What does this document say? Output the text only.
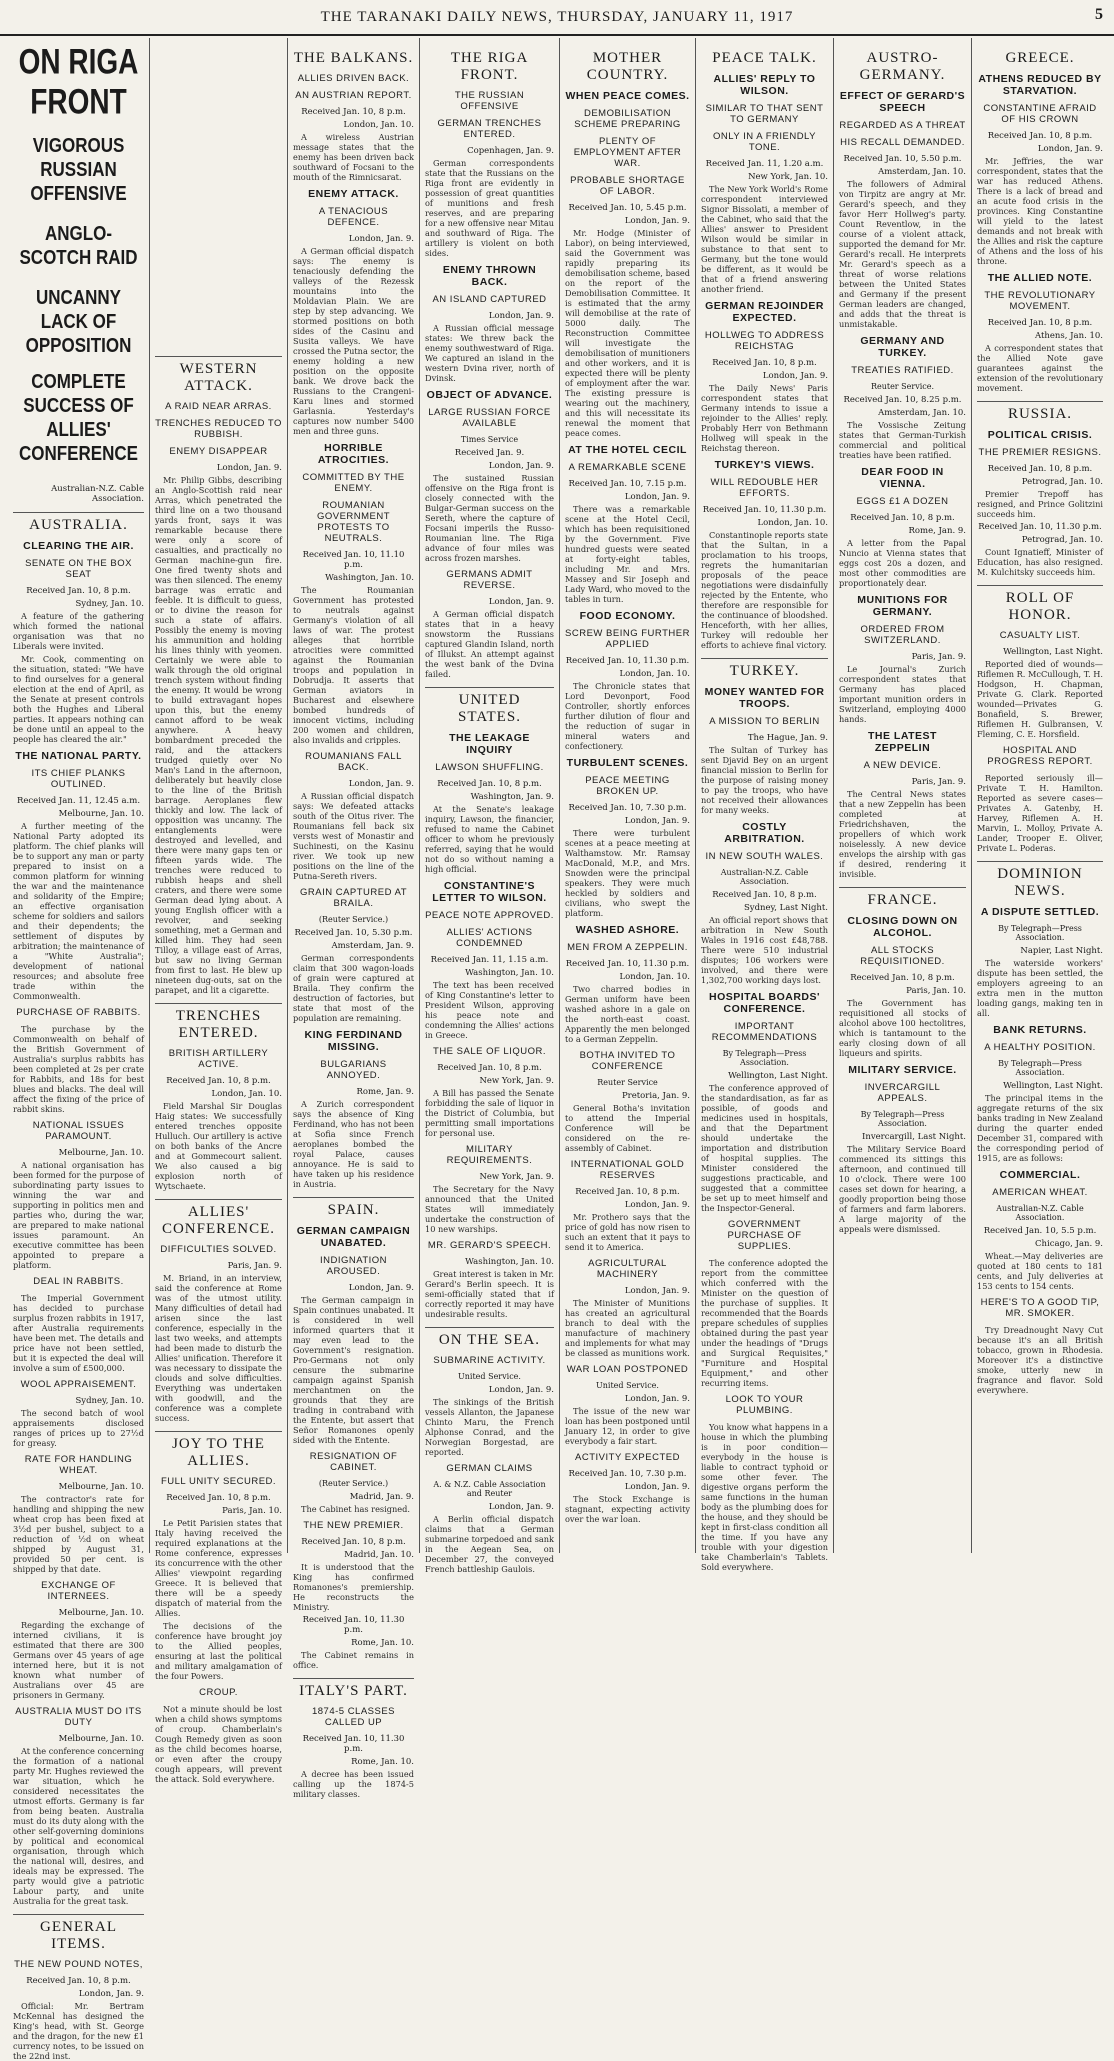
THE TARANAKI DAILY NEWS, THURSDAY, JANUARY 11, 1917	5
ON RIGA FRONT
VIGOROUS RUSSIAN OFFENSIVE
ANGLO-SCOTCH RAID
UNCANNY LACK OF OPPOSITION
COMPLETE SUCCESS OF ALLIES' CONFERENCE
Australian-N.Z. Cable Association.
AUSTRALIA.
CLEARING THE AIR.
SENATE ON THE BOX SEAT
Received Jan. 10, 8 p.m.
Sydney, Jan. 10.

A feature of the gathering which formed the national organisation was that no Liberals were invited.

Mr. Cook, commenting on the situation, stated: "We have to find ourselves for a general election at the end of April, as the Senate at present controls both the Hughes and Liberal parties. It appears nothing can be done until an appeal to the people has cleared the air."

THE NATIONAL PARTY.
ITS CHIEF PLANKS OUTLINED.
Received Jan. 11, 12.45 a.m.
Melbourne, Jan. 10.

A further meeting of the National Party adopted its platform. The chief planks will be to support any man or party prepared to insist on a common platform for winning the war and the maintenance and solidarity of the Empire; an effective organisation scheme for soldiers and sailors and their dependents; the settlement of disputes by arbitration; the maintenance of a "White Australia"; development of national resources; and absolute free trade within the Commonwealth.

PURCHASE OF RABBITS.

The purchase by the Commonwealth on behalf of the British Government of Australia's surplus rabbits has been completed at 2s per crate for Rabbits, and 18s for best blues and blacks. The deal will affect the fixing of the price of rabbit skins.

NATIONAL ISSUES PARAMOUNT.
Melbourne, Jan. 10.

A national organisation has been formed for the purpose of subordinating party issues to winning the war and supporting in politics men and parties who, during the war, are prepared to make national issues paramount. An executive committee has been appointed to prepare a platform.

DEAL IN RABBITS.

The Imperial Government has decided to purchase surplus frozen rabbits in 1917, after Australia requirements have been met. The details and price have not been settled, but it is expected the deal will involve a sum of £500,000.

WOOL APPRAISEMENT.
Sydney, Jan. 10.

The second batch of wool appraisements disclosed ranges of prices up to 27½d for greasy.

RATE FOR HANDLING WHEAT.
Melbourne, Jan. 10.

The contractor's rate for handling and shipping the new wheat crop has been fixed at 3½d per bushel, subject to a reduction of ½d on wheat shipped by August 31, provided 50 per cent. is shipped by that date.

EXCHANGE OF INTERNEES.
Melbourne, Jan. 10.

Regarding the exchange of interned civilians, it is estimated that there are 300 Germans over 45 years of age interned here, but it is not known what number of Australians over 45 are prisoners in Germany.

AUSTRALIA MUST DO ITS DUTY
Melbourne, Jan. 10.

At the conference concerning the formation of a national party Mr. Hughes reviewed the war situation, which he considered necessitates the utmost efforts. Germany is far from being beaten. Australia must do its duty along with the other self-governing dominions by political and economical organisation, through which the national will, desires, and ideals may be expressed. The party would give a patriotic Labour party, and unite Australia for the great task.

GENERAL ITEMS.
THE NEW POUND NOTES,
Received Jan. 10, 8 p.m.
London, Jan. 9.

Official: Mr. Bertram McKennal has designed the King's head, with St. George and the dragon, for the new £1 currency notes, to be issued on the 22nd inst.

WESTERN ATTACK.
A RAID NEAR ARRAS.
TRENCHES REDUCED TO RUBBISH.
ENEMY DISAPPEAR
London, Jan. 9.

Mr. Philip Gibbs, describing an Anglo-Scottish raid near Arras, which penetrated the third line on a two thousand yards front, says it was remarkable because there were only a score of casualties, and practically no German machine-gun fire. One fired twenty shots and was then silenced. The enemy barrage was erratic and feeble. It is difficult to guess, or to divine the reason for such a state of affairs. Possibly the enemy is moving his ammunition and holding his lines thinly with yeomen. Certainly we were able to walk through the old original trench system without finding the enemy. It would be wrong to build extravagant hopes upon this, but the enemy cannot afford to be weak anywhere. A heavy bombardment preceded the raid, and the attackers trudged quietly over No Man's Land in the afternoon, deliberately but heavily close to the line of the British barrage. Aeroplanes flew thickly and low. The lack of opposition was uncanny. The entanglements were destroyed and levelled, and there were many gaps ten or fifteen yards wide. The trenches were reduced to rubbish heaps and shell craters, and there were some German dead lying about. A young English officer with a revolver, and seeking something, met a German and killed him. They had seen Tilloy, a village east of Arras, but saw no living German from first to last. He blew up nineteen dug-outs, sat on the parapet, and lit a cigarette.

TRENCHES ENTERED.
BRITISH ARTILLERY ACTIVE.
Received Jan. 10, 8 p.m.
London, Jan. 10.

Field Marshal Sir Douglas Haig states: We successfully entered trenches opposite Hulluch. Our artillery is active on both banks of the Ancre and at Gommecourt salient. We also caused a big explosion north of Wytschaete.

ALLIES' CONFERENCE.
DIFFICULTIES SOLVED.
Paris, Jan. 9.

M. Briand, in an interview, said the conference at Rome was of the utmost utility. Many difficulties of detail had arisen since the last conference, especially in the last two weeks, and attempts had been made to disturb the Allies' unification. Therefore it was necessary to dissipate the clouds and solve difficulties. Everything was undertaken with goodwill, and the conference was a complete success.

JOY TO THE ALLIES.
FULL UNITY SECURED.
Received Jan. 10, 8 p.m.
Paris, Jan. 10.

Le Petit Parisien states that Italy having received the required explanations at the Rome conference, expresses its concurrence with the other Allies' viewpoint regarding Greece. It is believed that there will be a speedy dispatch of material from the Allies.

The decisions of the conference have brought joy to the Allied peoples, ensuring at last the political and military amalgamation of the four Powers.

CROUP.

Not a minute should be lost when a child shows symptoms of croup. Chamberlain's Cough Remedy given as soon as the child becomes hoarse, or even after the croupy cough appears, will prevent the attack. Sold everywhere.

THE BALKANS.
ALLIES DRIVEN BACK.
AN AUSTRIAN REPORT.
Received Jan. 10, 8 p.m.
London, Jan. 10.

A wireless Austrian message states that the enemy has been driven back southward of Focsani to the mouth of the Rimnicsarat.

ENEMY ATTACK.
A TENACIOUS DEFENCE.
London, Jan. 9.

A German official dispatch says: The enemy is tenaciously defending the valleys of the Rezessk mountains into the Moldavian Plain. We are step by step advancing. We stormed positions on both sides of the Casinu and Susita valleys. We have crossed the Putna sector, the enemy holding a new position on the opposite bank. We drove back the Russians to the Crangeni-Karu lines and stormed Garlasnia. Yesterday's captures now number 5400 men and three guns.

HORRIBLE ATROCITIES.
COMMITTED BY THE ENEMY.
ROUMANIAN GOVERNMENT PROTESTS TO NEUTRALS.
Received Jan. 10, 11.10 p.m.
Washington, Jan. 10.

The Roumanian Government has protested to neutrals against Germany's violation of all laws of war. The protest alleges that horrible atrocities were committed against the Roumanian troops and population in Dobrudja. It asserts that German aviators in Bucharest and elsewhere bombed hundreds of innocent victims, including 200 women and children, also invalids and cripples.

ROUMANIANS FALL BACK.
London, Jan. 9.

A Russian official dispatch says: We defeated attacks south of the Oitus river. The Roumanians fell back six versts west of Monastir and Suchinesti, on the Kasinu river. We took up new positions on the line of the Putna-Sereth rivers.

GRAIN CAPTURED AT BRAILA.
(Reuter Service.)
Received Jan. 10, 5.30 p.m.
Amsterdam, Jan. 9.

German correspondents claim that 300 wagon-loads of grain were captured at Braila. They confirm the destruction of factories, but state that most of the population are remaining.

KING FERDINAND MISSING.
BULGARIANS ANNOYED.
Rome, Jan. 9.

A Zurich correspondent says the absence of King Ferdinand, who has not been at Sofia since French aeroplanes bombed the royal Palace, causes annoyance. He is said to have taken up his residence in Austria.

SPAIN.
GERMAN CAMPAIGN UNABATED.
INDIGNATION AROUSED.
London, Jan. 9.

The German campaign in Spain continues unabated. It is considered in well informed quarters that it may even lead to the Government's resignation. Pro-Germans not only censure the submarine campaign against Spanish merchantmen on the grounds that they are trading in contraband with the Entente, but assert that Señor Romanones openly sided with the Entente.

RESIGNATION OF CABINET.
(Reuter Service.)
Madrid, Jan. 9.

The Cabinet has resigned.

THE NEW PREMIER.
Received Jan. 10, 8 p.m.
Madrid, Jan. 10.

It is understood that the King has confirmed Romanones's premiership. He reconstructs the Ministry.

Received Jan. 10, 11.30 p.m.
Rome, Jan. 10.

The Cabinet remains in office.

ITALY'S PART.
1874-5 CLASSES CALLED UP
Received Jan. 10, 11.30 p.m.
Rome, Jan. 10.

A decree has been issued calling up the 1874-5 military classes.

THE RIGA FRONT.
THE RUSSIAN OFFENSIVE
GERMAN TRENCHES ENTERED.
Copenhagen, Jan. 9.

German correspondents state that the Russians on the Riga front are evidently in possession of great quantities of munitions and fresh reserves, and are preparing for a new offensive near Mitau and southward of Riga. The artillery is violent on both sides.

ENEMY THROWN BACK.
AN ISLAND CAPTURED
London, Jan. 9.

A Russian official message states: We threw back the enemy southwestward of Riga. We captured an island in the western Dvina river, north of Dvinsk.

OBJECT OF ADVANCE.
LARGE RUSSIAN FORCE AVAILABLE
Times Service
Received Jan. 9.
London, Jan. 9.

The sustained Russian offensive on the Riga front is closely connected with the Bulgar-German success on the Sereth, where the capture of Focsani imperils the Russo-Roumanian line. The Riga advance of four miles was across frozen marshes.

GERMANS ADMIT REVERSE.
London, Jan. 9.

A German official dispatch states that in a heavy snowstorm the Russians captured Glandin Island, north of Illukst. An attempt against the west bank of the Dvina failed.

UNITED STATES.
THE LEAKAGE INQUIRY
LAWSON SHUFFLING.
Received Jan. 10, 8 p.m.
Washington, Jan. 9.

At the Senate's leakage inquiry, Lawson, the financier, refused to name the Cabinet officer to whom he previously referred, saying that he would not do so without naming a high official.

CONSTANTINE'S LETTER TO WILSON.
PEACE NOTE APPROVED.
ALLIES' ACTIONS CONDEMNED
Received Jan. 11, 1.15 a.m.
Washington, Jan. 10.

The text has been received of King Constantine's letter to President Wilson, approving his peace note and condemning the Allies' actions in Greece.

THE SALE OF LIQUOR.
Received Jan. 10, 8 p.m.
New York, Jan. 9.

A Bill has passed the Senate forbidding the sale of liquor in the District of Columbia, but permitting small importations for personal use.

MILITARY REQUIREMENTS.
New York, Jan. 9.

The Secretary for the Navy announced that the United States will immediately undertake the construction of 10 new warships.

MR. GERARD'S SPEECH.
Washington, Jan. 10.

Great interest is taken in Mr. Gerard's Berlin speech. It is semi-officially stated that if correctly reported it may have undesirable results.

ON THE SEA.
SUBMARINE ACTIVITY.
United Service.
London, Jan. 9.

The sinkings of the British vessels Allanton, the Japanese Chinto Maru, the French Alphonse Conrad, and the Norwegian Borgestad, are reported.

GERMAN CLAIMS
A. & N.Z. Cable Association and Reuter
London, Jan. 9.

A Berlin official dispatch claims that a German submarine torpedoed and sank in the Aegean Sea, on December 27, the conveyed French battleship Gaulois.

MOTHER COUNTRY.
WHEN PEACE COMES.
DEMOBILISATION SCHEME PREPARING
PLENTY OF EMPLOYMENT AFTER WAR.
PROBABLE SHORTAGE OF LABOR.
Received Jan. 10, 5.45 p.m.
London, Jan. 9.

Mr. Hodge (Minister of Labor), on being interviewed, said the Government was rapidly preparing its demobilisation scheme, based on the report of the Demobilisation Committee. It is estimated that the army will demobilise at the rate of 5000 daily. The Reconstruction Committee will investigate the demobilisation of munitioners and other workers, and it is expected there will be plenty of employment after the war. The existing pressure is wearing out the machinery, and this will necessitate its renewal the moment that peace comes.

AT THE HOTEL CECIL
A REMARKABLE SCENE
Received Jan. 10, 7.15 p.m.
London, Jan. 9.

There was a remarkable scene at the Hotel Cecil, which has been requisitioned by the Government. Five hundred guests were seated at forty-eight tables, including Mr. and Mrs. Massey and Sir Joseph and Lady Ward, who moved to the tables in turn.

FOOD ECONOMY.
SCREW BEING FURTHER APPLIED
Received Jan. 10, 11.30 p.m.
London, Jan. 10.

The Chronicle states that Lord Devonport, Food Controller, shortly enforces further dilution of flour and the reduction of sugar in mineral waters and confectionery.

TURBULENT SCENES.
PEACE MEETING BROKEN UP.
Received Jan. 10, 7.30 p.m.
London, Jan. 9.

There were turbulent scenes at a peace meeting at Walthamstow. Mr. Ramsay MacDonald, M.P., and Mrs. Snowden were the principal speakers. They were much heckled by soldiers and civilians, who swept the platform.

WASHED ASHORE.
MEN FROM A ZEPPELIN.
Received Jan. 10, 11.30 p.m.
London, Jan. 10.

Two charred bodies in German uniform have been washed ashore in a gale on the north-east coast. Apparently the men belonged to a German Zeppelin.

BOTHA INVITED TO CONFERENCE
Reuter Service
Pretoria, Jan. 9.

General Botha's invitation to attend the Imperial Conference will be considered on the re-assembly of Cabinet.

INTERNATIONAL GOLD RESERVES
Received Jan. 10, 8 p.m.
London, Jan. 9.

Mr. Prothero says that the price of gold has now risen to such an extent that it pays to send it to America.

AGRICULTURAL MACHINERY
London, Jan. 9.

The Minister of Munitions has created an agricultural branch to deal with the manufacture of machinery and implements for what may be classed as munitions work.

WAR LOAN POSTPONED
United Service.
London, Jan. 9.

The issue of the new war loan has been postponed until January 12, in order to give everybody a fair start.

ACTIVITY EXPECTED
Received Jan. 10, 7.30 p.m.
London, Jan. 9.

The Stock Exchange is stagnant, expecting activity over the war loan.

PEACE TALK.
ALLIES' REPLY TO WILSON.
SIMILAR TO THAT SENT TO GERMANY
ONLY IN A FRIENDLY TONE.
Received Jan. 11, 1.20 a.m.
New York, Jan. 10.

The New York World's Rome correspondent interviewed Signor Bissolati, a member of the Cabinet, who said that the Allies' answer to President Wilson would be similar in substance to that sent to Germany, but the tone would be different, as it would be that of a friend answering another friend.

GERMAN REJOINDER EXPECTED.
HOLLWEG TO ADDRESS REICHSTAG
Received Jan. 10, 8 p.m.
London, Jan. 9.

The Daily News' Paris correspondent states that Germany intends to issue a rejoinder to the Allies' reply. Probably Herr von Bethmann Hollweg will speak in the Reichstag thereon.

TURKEY'S VIEWS.
WILL REDOUBLE HER EFFORTS.
Received Jan. 10, 11.30 p.m.
London, Jan. 10.

Constantinople reports state that the Sultan, in a proclamation to his troops, regrets the humanitarian proposals of the peace negotiations were disdainfully rejected by the Entente, who therefore are responsible for the continuance of bloodshed. Henceforth, with her allies, Turkey will redouble her efforts to achieve final victory.

TURKEY.
MONEY WANTED FOR TROOPS.
A MISSION TO BERLIN
The Hague, Jan. 9.

The Sultan of Turkey has sent Djavid Bey on an urgent financial mission to Berlin for the purpose of raising money to pay the troops, who have not received their allowances for many weeks.

COSTLY ARBITRATION.
IN NEW SOUTH WALES.
Australian-N.Z. Cable Association.
Received Jan. 10, 8 p.m.
Sydney, Last Night.

An official report shows that arbitration in New South Wales in 1916 cost £48,788. There were 510 industrial disputes; 106 workers were involved, and there were 1,302,700 working days lost.

HOSPITAL BOARDS' CONFERENCE.
IMPORTANT RECOMMENDATIONS
By Telegraph—Press Association.
Wellington, Last Night.

The conference approved of the standardisation, as far as possible, of goods and medicines used in hospitals, and that the Department should undertake the importation and distribution of hospital supplies. The Minister considered the suggestions practicable, and suggested that a committee be set up to meet himself and the Inspector-General.

GOVERNMENT PURCHASE OF SUPPLIES.

The conference adopted the report from the committee which conferred with the Minister on the question of the purchase of supplies. It recommended that the Boards prepare schedules of supplies obtained during the past year under the headings of "Drugs and Surgical Requisites," "Furniture and Hospital Equipment," and other recurring items.

LOOK TO YOUR PLUMBING.

You know what happens in a house in which the plumbing is in poor condition—everybody in the house is liable to contract typhoid or some other fever. The digestive organs perform the same functions in the human body as the plumbing does for the house, and they should be kept in first-class condition all the time. If you have any trouble with your digestion take Chamberlain's Tablets. Sold everywhere.

AUSTRO-GERMANY.
EFFECT OF GERARD'S SPEECH
REGARDED AS A THREAT
HIS RECALL DEMANDED.
Received Jan. 10, 5.50 p.m.
Amsterdam, Jan. 10.

The followers of Admiral von Tirpitz are angry at Mr. Gerard's speech, and they favor Herr Hollweg's party. Count Reventlow, in the course of a violent attack, supported the demand for Mr. Gerard's recall. He interprets Mr. Gerard's speech as a threat of worse relations between the United States and Germany if the present German leaders are changed, and adds that the threat is unmistakable.

GERMANY AND TURKEY.
TREATIES RATIFIED.
Reuter Service.
Received Jan. 10, 8.25 p.m.
Amsterdam, Jan. 10.

The Vossische Zeitung states that German-Turkish commercial and political treaties have been ratified.

DEAR FOOD IN VIENNA.
EGGS £1 A DOZEN
Received Jan. 10, 8 p.m.
Rome, Jan. 9.

A letter from the Papal Nuncio at Vienna states that eggs cost 20s a dozen, and most other commodities are proportionately dear.

MUNITIONS FOR GERMANY.
ORDERED FROM SWITZERLAND.
Paris, Jan. 9.

Le Journal's Zurich correspondent states that Germany has placed important munition orders in Switzerland, employing 4000 hands.

THE LATEST ZEPPELIN
A NEW DEVICE.
Paris, Jan. 9.

The Central News states that a new Zeppelin has been completed at Friedrichshaven, the propellers of which work noiselessly. A new device envelops the airship with gas if desired, rendering it invisible.

FRANCE.
CLOSING DOWN ON ALCOHOL.
ALL STOCKS REQUISITIONED.
Received Jan. 10, 8 p.m.
Paris, Jan. 10.

The Government has requisitioned all stocks of alcohol above 100 hectolitres, which is tantamount to the early closing down of all liqueurs and spirits.

MILITARY SERVICE.
INVERCARGILL APPEALS.
By Telegraph—Press Association.
Invercargill, Last Night.

The Military Service Board commenced its sittings this afternoon, and continued till 10 o'clock. There were 100 cases set down for hearing, a goodly proportion being those of farmers and farm laborers. A large majority of the appeals were dismissed.

GREECE.
ATHENS REDUCED BY STARVATION.
CONSTANTINE AFRAID OF HIS CROWN
Received Jan. 10, 8 p.m.
London, Jan. 9.

Mr. Jeffries, the war correspondent, states that the war has reduced Athens. There is a lack of bread and an acute food crisis in the provinces. King Constantine will yield to the latest demands and not break with the Allies and risk the capture of Athens and the loss of his throne.

THE ALLIED NOTE.
THE REVOLUTIONARY MOVEMENT.
Received Jan. 10, 8 p.m.
Athens, Jan. 10.

A correspondent states that the Allied Note gave guarantees against the extension of the revolutionary movement.

RUSSIA.
POLITICAL CRISIS.
THE PREMIER RESIGNS.
Received Jan. 10, 8 p.m.
Petrograd, Jan. 10.

Premier Trepoff has resigned, and Prince Golitzini succeeds him.

Received Jan. 10, 11.30 p.m.
Petrograd, Jan. 10.

Count Ignatieff, Minister of Education, has also resigned. M. Kulchitsky succeeds him.

ROLL OF HONOR.
CASUALTY LIST.
Wellington, Last Night.

Reported died of wounds—Riflemen R. McCullough, T. H. Hodgson, H. Chapman, Private G. Clark. Reported wounded—Privates G. Bonafield, S. Brewer, Riflemen H. Gulbransen, V. Fleming, C. E. Horsfield.

HOSPITAL AND PROGRESS REPORT.

Reported seriously ill—Private T. H. Hamilton. Reported as severe cases—Privates A. Gatenby, H. Harvey, Riflemen A. H. Marvin, L. Molloy, Private A. Lander, Trooper E. Oliver, Private L. Poderas.

DOMINION NEWS.
A DISPUTE SETTLED.
By Telegraph—Press Association.
Napier, Last Night.

The waterside workers' dispute has been settled, the employers agreeing to an extra men in the mutton loading gangs, making ten in all.

BANK RETURNS.
A HEALTHY POSITION.
By Telegraph—Press Association.
Wellington, Last Night.

The principal items in the aggregate returns of the six banks trading in New Zealand during the quarter ended December 31, compared with the corresponding period of 1915, are as follows:

COMMERCIAL.
AMERICAN WHEAT.
Australian-N.Z. Cable Association.
Received Jan. 10, 5.5 p.m.
Chicago, Jan. 9.

Wheat.—May deliveries are quoted at 180 cents to 181 cents, and July deliveries at 153 cents to 154 cents.

HERE'S TO A GOOD TIP, MR. SMOKER.

Try Dreadnought Navy Cut because it's an all British tobacco, grown in Rhodesia. Moreover it's a distinctive smoke, utterly new in fragrance and flavor. Sold everywhere.
